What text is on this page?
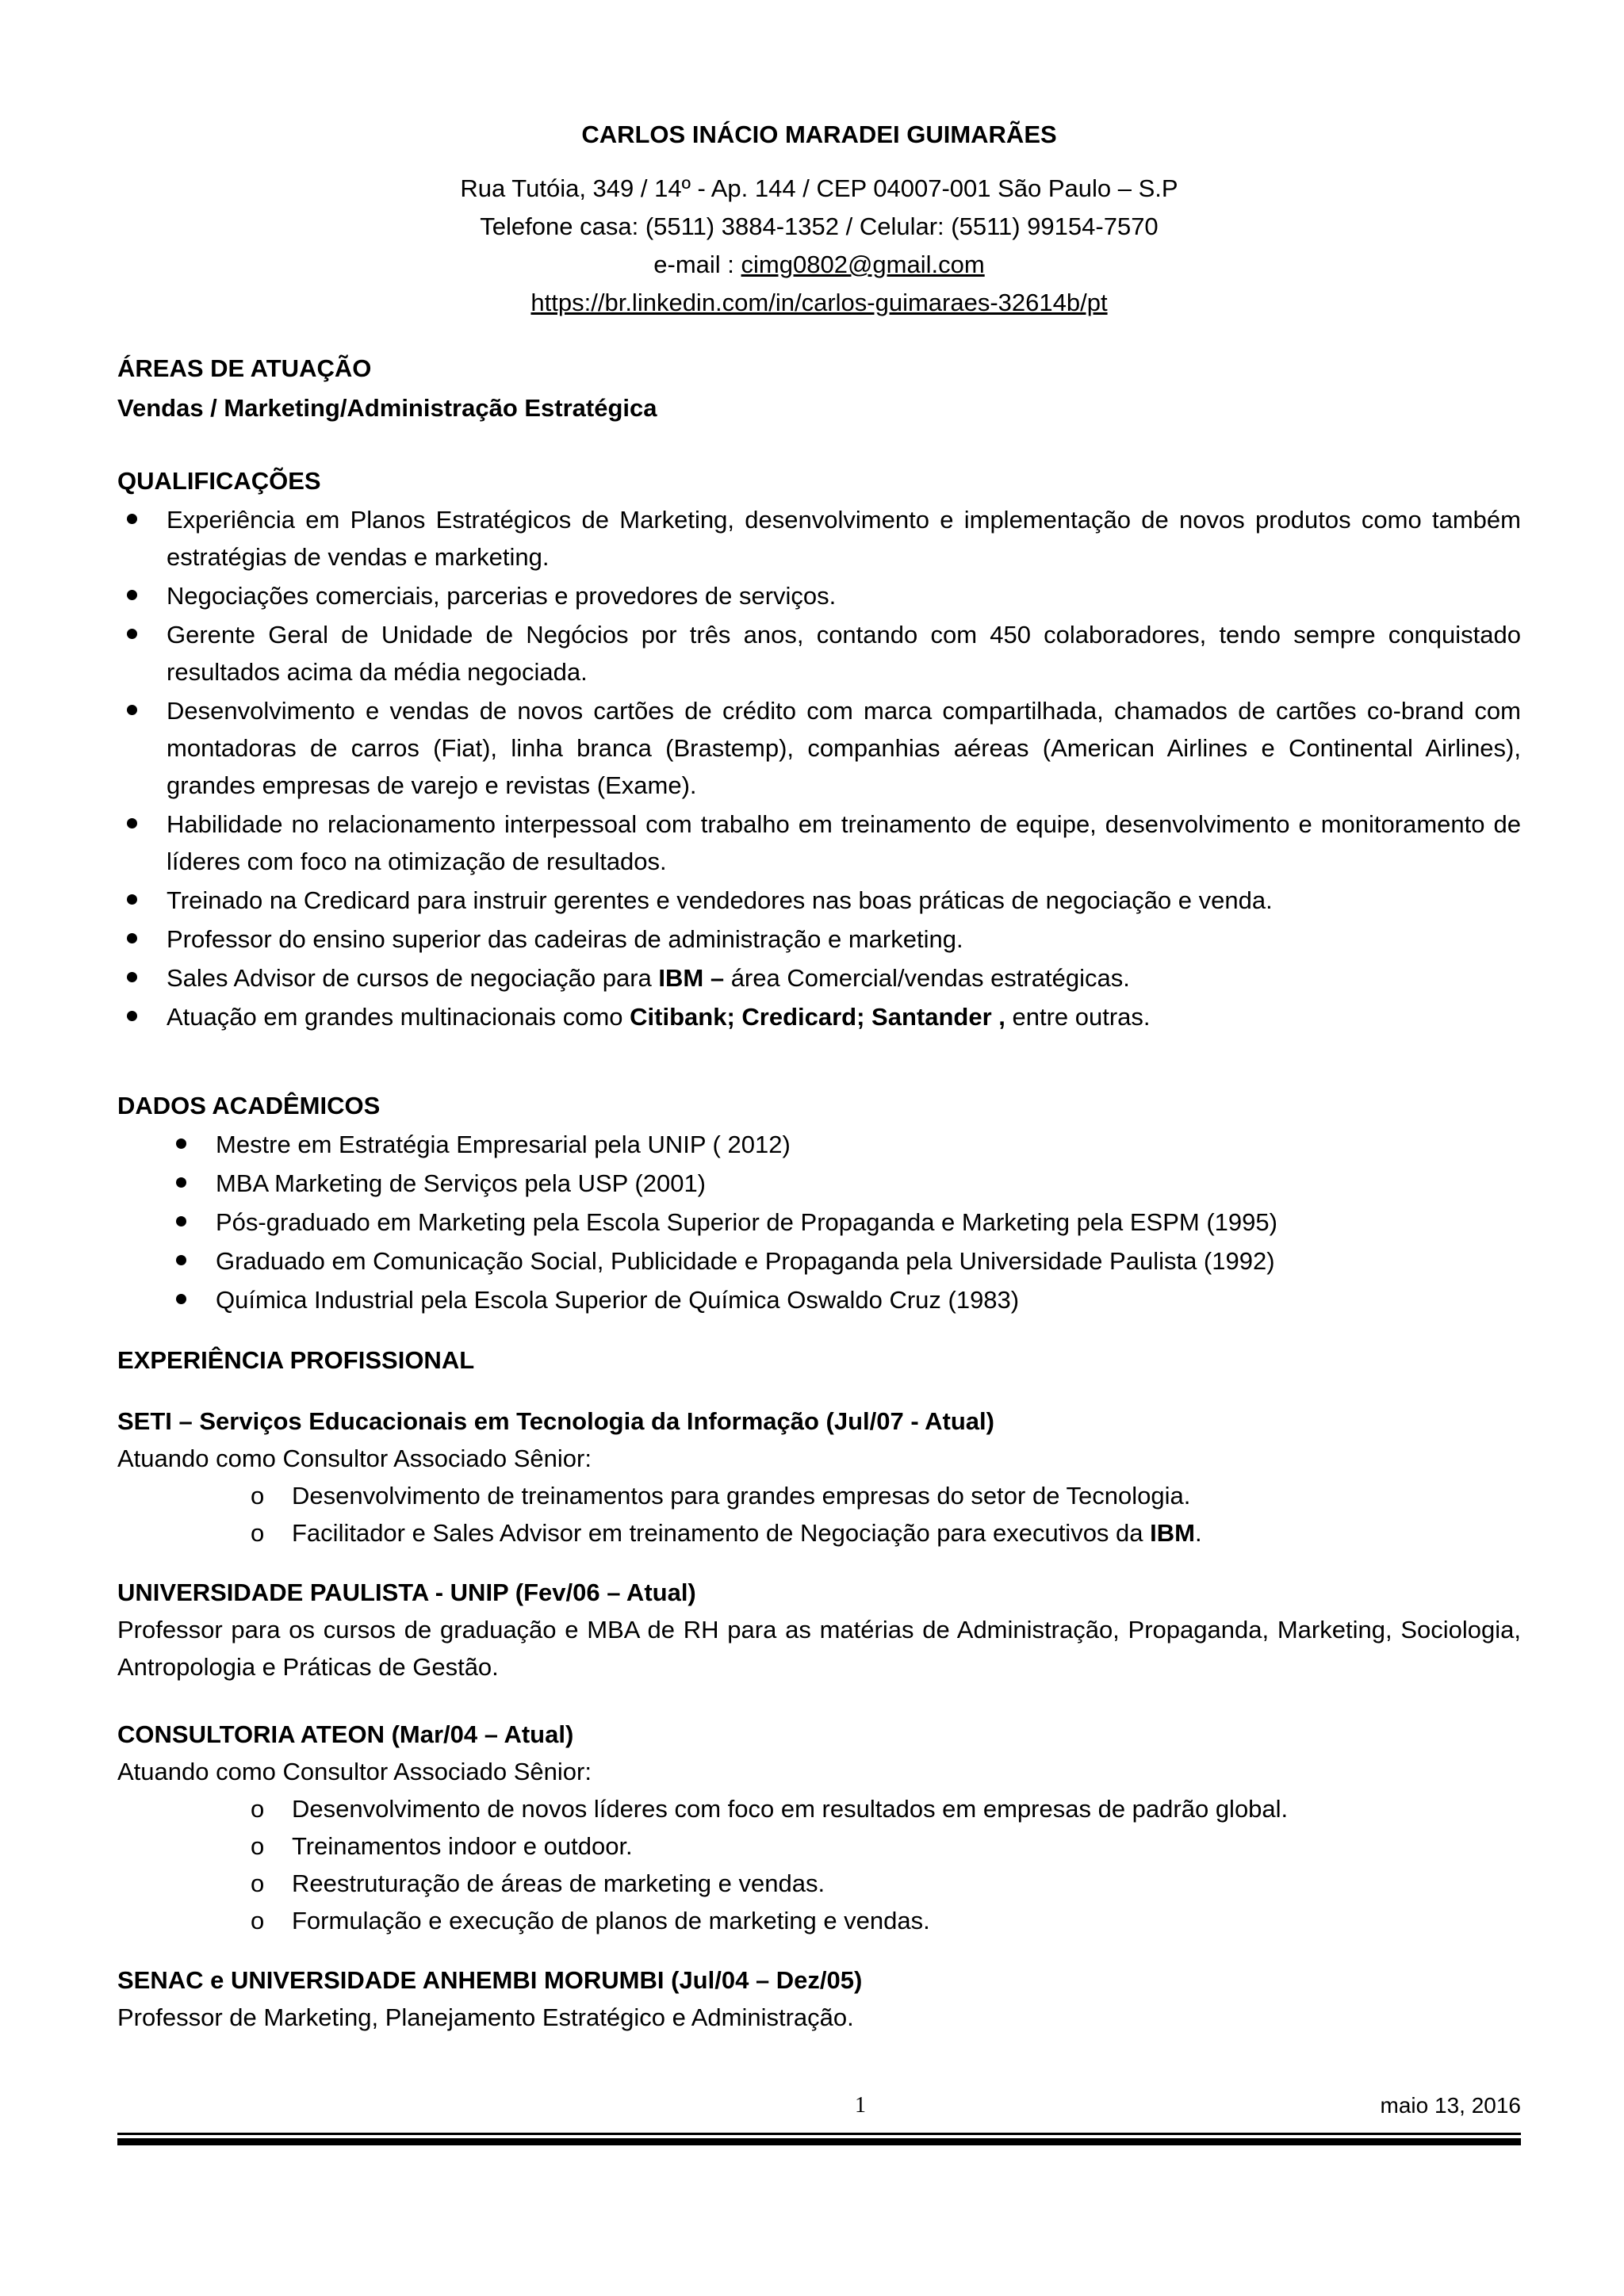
CARLOS INÁCIO MARADEI GUIMARÃES
Rua Tutóia, 349 / 14º - Ap. 144 / CEP 04007-001 São Paulo – S.P
Telefone casa: (5511) 3884-1352 / Celular: (5511) 99154-7570
e-mail : cimg0802@gmail.com
https://br.linkedin.com/in/carlos-guimaraes-32614b/pt
ÁREAS DE ATUAÇÃO
Vendas / Marketing/Administração Estratégica
QUALIFICAÇÕES
Experiência em Planos Estratégicos de Marketing, desenvolvimento e implementação de novos produtos como também estratégias de vendas e marketing.
Negociações comerciais, parcerias e provedores de serviços.
Gerente Geral de Unidade de Negócios por três anos, contando com 450 colaboradores, tendo sempre conquistado resultados acima da média negociada.
Desenvolvimento e vendas de novos cartões de crédito com marca compartilhada, chamados de cartões co-brand com montadoras de carros (Fiat), linha branca (Brastemp), companhias aéreas (American Airlines e Continental Airlines), grandes empresas de varejo e revistas (Exame).
Habilidade no relacionamento interpessoal com trabalho em treinamento de equipe, desenvolvimento e monitoramento de líderes com foco na otimização de resultados.
Treinado na Credicard para instruir gerentes e vendedores nas boas práticas de negociação e venda.
Professor do ensino superior das cadeiras de administração e marketing.
Sales Advisor de cursos de negociação para IBM – área Comercial/vendas estratégicas.
Atuação em grandes multinacionais como Citibank; Credicard; Santander , entre outras.
DADOS ACADÊMICOS
Mestre em Estratégia Empresarial pela UNIP ( 2012)
MBA Marketing de Serviços pela USP (2001)
Pós-graduado em Marketing pela Escola Superior de Propaganda e Marketing pela ESPM (1995)
Graduado em Comunicação Social, Publicidade e Propaganda pela Universidade Paulista (1992)
Química Industrial pela Escola Superior de Química Oswaldo Cruz (1983)
EXPERIÊNCIA PROFISSIONAL
SETI – Serviços Educacionais em Tecnologia da Informação (Jul/07 - Atual)
Atuando como Consultor Associado Sênior:
o Desenvolvimento de treinamentos para grandes empresas do setor de Tecnologia.
o Facilitador e Sales Advisor em treinamento de Negociação para executivos da IBM.
UNIVERSIDADE PAULISTA - UNIP (Fev/06 – Atual)
Professor para os cursos de graduação e MBA de RH para as matérias de Administração, Propaganda, Marketing, Sociologia, Antropologia e Práticas de Gestão.
CONSULTORIA ATEON (Mar/04 – Atual)
Atuando como Consultor Associado Sênior:
o Desenvolvimento de novos líderes com foco em resultados em empresas de padrão global.
o Treinamentos indoor e outdoor.
o Reestruturação de áreas de marketing e vendas.
o Formulação e execução de planos de marketing e vendas.
SENAC e UNIVERSIDADE ANHEMBI MORUMBI (Jul/04 – Dez/05)
Professor de Marketing, Planejamento Estratégico e Administração.
1	maio 13, 2016
